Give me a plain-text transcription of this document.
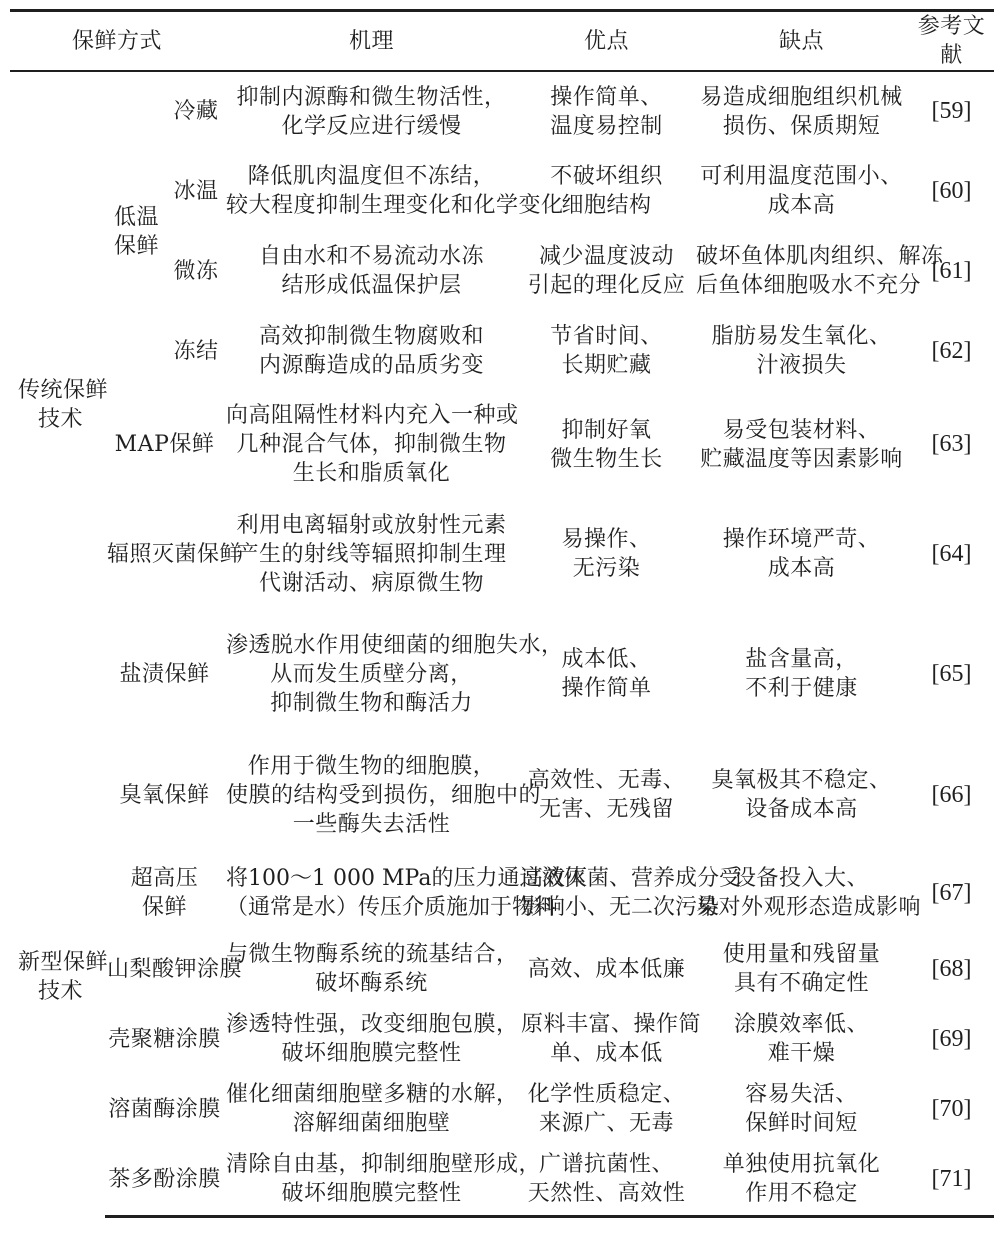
保鲜方式			机理	优点	缺点	参考文献

传统保鲜
技术	低温
保鲜	冷藏	抑制内源酶和微生物活性，
化学反应进行缓慢	操作简单、
温度易控制	易造成细胞组织机械
损伤、保质期短	[59]

		冰温	降低肌肉温度但不冻结，
较大程度抑制生理变化和化学变化	不破坏组织
细胞结构	可利用温度范围小、
成本高	[60]

		微冻	自由水和不易流动水冻
结形成低温保护层	减少温度波动
引起的理化反应	破坏鱼体肌肉组织、解冻
后鱼体细胞吸水不充分	[61]

		冻结	高效抑制微生物腐败和
内源酶造成的品质劣变	节省时间、
长期贮藏	脂肪易发生氧化、
汁液损失	[62]

	MAP保鲜		向高阻隔性材料内充入一种或
几种混合气体，抑制微生物
生长和脂质氧化	抑制好氧
微生物生长	易受包装材料、
贮藏温度等因素影响	[63]

	辐照灭菌保鲜		利用电离辐射或放射性元素
产生的射线等辐照抑制生理
代谢活动、病原微生物	易操作、
无污染	操作环境严苛、
成本高	[64]

	盐渍保鲜		渗透脱水作用使细菌的细胞失水，
从而发生质壁分离，
抑制微生物和酶活力	成本低、
操作简单	盐含量高，
不利于健康	[65]

新型保鲜
技术	臭氧保鲜		作用于微生物的细胞膜，
使膜的结构受到损伤，细胞中的
一些酶失去活性	高效性、无毒、
无害、无残留	臭氧极其不稳定、
设备成本高	[66]

	超高压
保鲜		将100～1 000 MPa的压力通过液体
（通常是水）传压介质施加于物料	高效灭菌、营养成分受
影响小、无二次污染	设备投入大、
易对外观形态造成影响	[67]

	山梨酸钾涂膜		与微生物酶系统的巯基结合，
破坏酶系统	高效、成本低廉	使用量和残留量
具有不确定性	[68]

	壳聚糖涂膜		渗透特性强，改变细胞包膜，
破坏细胞膜完整性	原料丰富、操作简
单、成本低	涂膜效率低、
难干燥	[69]

	溶菌酶涂膜		催化细菌细胞壁多糖的水解，
溶解细菌细胞壁	化学性质稳定、
来源广、无毒	容易失活、
保鲜时间短	[70]

	茶多酚涂膜		清除自由基，抑制细胞壁形成，
破坏细胞膜完整性	广谱抗菌性、
天然性、高效性	单独使用抗氧化
作用不稳定	[71]
